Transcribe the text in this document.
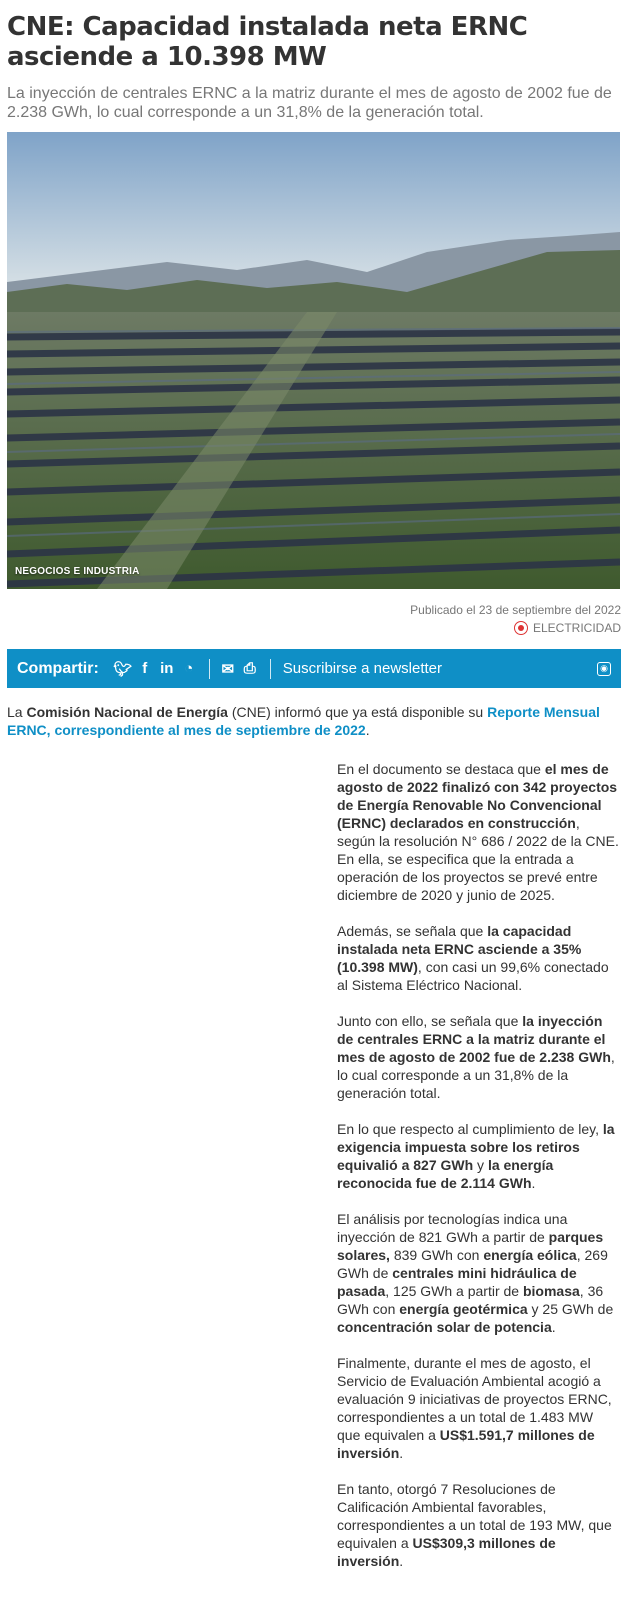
CNE: Capacidad instalada neta ERNC asciende a 10.398 MW

La inyección de centrales ERNC a la matriz durante el mes de agosto de 2002 fue de 2.238 GWh, lo cual corresponde a un 31,8% de la generación total.

NEGOCIOS E INDUSTRIA
Publicado el 23 de septiembre del 2022
ELECTRICIDAD
Compartir: 🐦︎ f in ◔	✉ ⎙ Suscribirse a newsletter	◉

La Comisión Nacional de Energía (CNE) informó que ya está disponible su Reporte Mensual ERNC, correspondiente al mes de septiembre de 2022.

En el documento se destaca que el mes de agosto de 2022 finalizó con 342 proyectos de Energía Renovable No Convencional (ERNC) declarados en construcción, según la resolución N° 686 / 2022 de la CNE. En ella, se especifica que la entrada a operación de los proyectos se prevé entre diciembre de 2020 y junio de 2025.

Además, se señala que la capacidad instalada neta ERNC asciende a 35% (10.398 MW), con casi un 99,6% conectado al Sistema Eléctrico Nacional.

Junto con ello, se señala que la inyección de centrales ERNC a la matriz durante el mes de agosto de 2002 fue de 2.238 GWh, lo cual corresponde a un 31,8% de la generación total.

En lo que respecto al cumplimiento de ley, la exigencia impuesta sobre los retiros equivalió a 827 GWh y la energía reconocida fue de 2.114 GWh.

El análisis por tecnologías indica una inyección de 821 GWh a partir de parques solares, 839 GWh con energía eólica, 269 GWh de centrales mini hidráulica de pasada, 125 GWh a partir de biomasa, 36 GWh con energía geotérmica y 25 GWh de concentración solar de potencia.

Finalmente, durante el mes de agosto, el Servicio de Evaluación Ambiental acogió a evaluación 9 iniciativas de proyectos ERNC, correspondientes a un total de 1.483 MW que equivalen a US$1.591,7 millones de inversión.

En tanto, otorgó 7 Resoluciones de Calificación Ambiental favorables, correspondientes a un total de 193 MW, que equivalen a US$309,3 millones de inversión.
